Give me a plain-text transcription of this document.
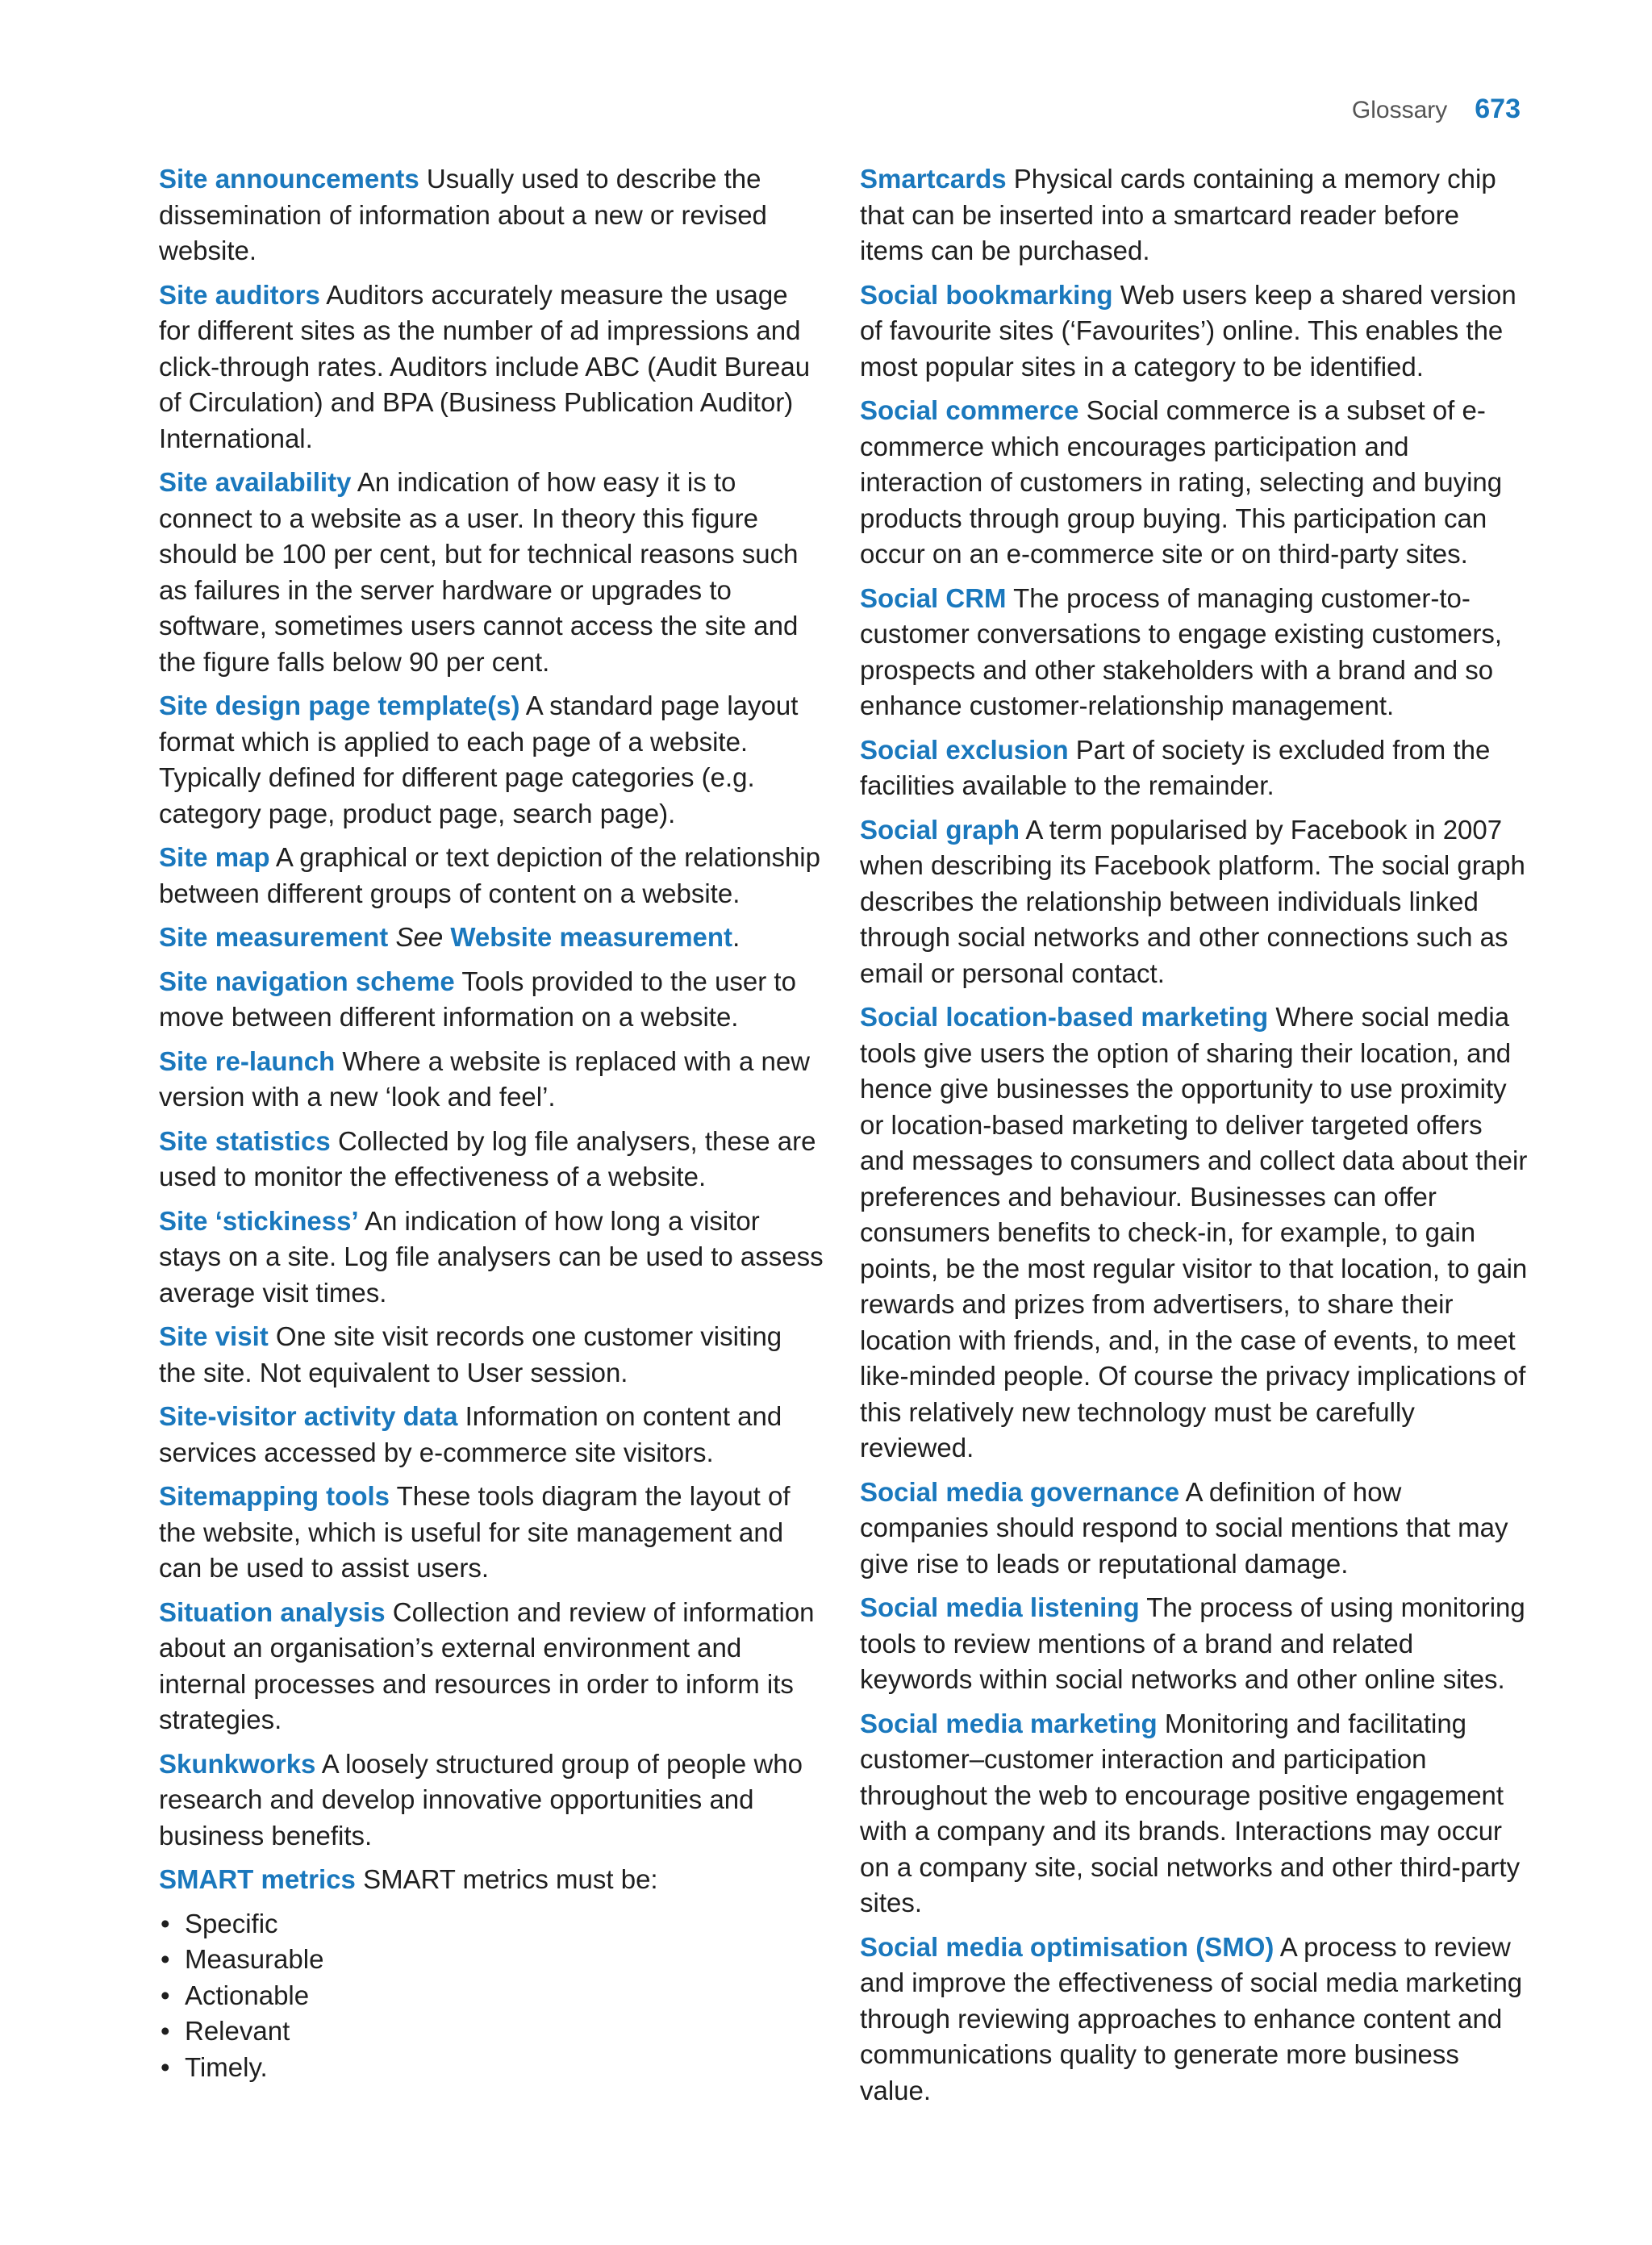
Glossary 673

Site announcements Usually used to describe the dissemination of information about a new or revised website.

Site auditors Auditors accurately measure the usage for different sites as the number of ad impressions and click-through rates. Auditors include ABC (Audit Bureau of Circulation) and BPA (Business Publication Auditor) International.

Site availability An indication of how easy it is to connect to a website as a user. In theory this figure should be 100 per cent, but for technical reasons such as failures in the server hardware or upgrades to software, sometimes users cannot access the site and the figure falls below 90 per cent.

Site design page template(s) A standard page layout format which is applied to each page of a website. Typically defined for different page categories (e.g. category page, product page, search page).

Site map A graphical or text depiction of the relationship between different groups of content on a website.

Site measurement See Website measurement.

Site navigation scheme Tools provided to the user to move between different information on a website.

Site re-launch Where a website is replaced with a new version with a new ‘look and feel’.

Site statistics Collected by log file analysers, these are used to monitor the effectiveness of a website.

Site ‘stickiness’ An indication of how long a visitor stays on a site. Log file analysers can be used to assess average visit times.

Site visit One site visit records one customer visiting the site. Not equivalent to User session.

Site-visitor activity data Information on content and services accessed by e-commerce site visitors.

Sitemapping tools These tools diagram the layout of the website, which is useful for site management and can be used to assist users.

Situation analysis Collection and review of information about an organisation’s external environment and internal processes and resources in order to inform its strategies.

Skunkworks A loosely structured group of people who research and develop innovative opportunities and business benefits.

SMART metrics SMART metrics must be:

• Specific
• Measurable
• Actionable
• Relevant
• Timely.

Smartcards Physical cards containing a memory chip that can be inserted into a smartcard reader before items can be purchased.

Social bookmarking Web users keep a shared version of favourite sites (‘Favourites’) online. This enables the most popular sites in a category to be identified.

Social commerce Social commerce is a subset of e-commerce which encourages participation and interaction of customers in rating, selecting and buying products through group buying. This participation can occur on an e-commerce site or on third-party sites.

Social CRM The process of managing customer-to-customer conversations to engage existing customers, prospects and other stakeholders with a brand and so enhance customer-relationship management.

Social exclusion Part of society is excluded from the facilities available to the remainder.

Social graph A term popularised by Facebook in 2007 when describing its Facebook platform. The social graph describes the relationship between individuals linked through social networks and other connections such as email or personal contact.

Social location-based marketing Where social media tools give users the option of sharing their location, and hence give businesses the opportunity to use proximity or location-based marketing to deliver targeted offers and messages to consumers and collect data about their preferences and behaviour. Businesses can offer consumers benefits to check-in, for example, to gain points, be the most regular visitor to that location, to gain rewards and prizes from advertisers, to share their location with friends, and, in the case of events, to meet like-minded people. Of course the privacy implications of this relatively new technology must be carefully reviewed.

Social media governance A definition of how companies should respond to social mentions that may give rise to leads or reputational damage.

Social media listening The process of using monitoring tools to review mentions of a brand and related keywords within social networks and other online sites.

Social media marketing Monitoring and facilitating customer–customer interaction and participation throughout the web to encourage positive engagement with a company and its brands. Interactions may occur on a company site, social networks and other third-party sites.

Social media optimisation (SMO) A process to review and improve the effectiveness of social media marketing through reviewing approaches to enhance content and communications quality to generate more business value.
